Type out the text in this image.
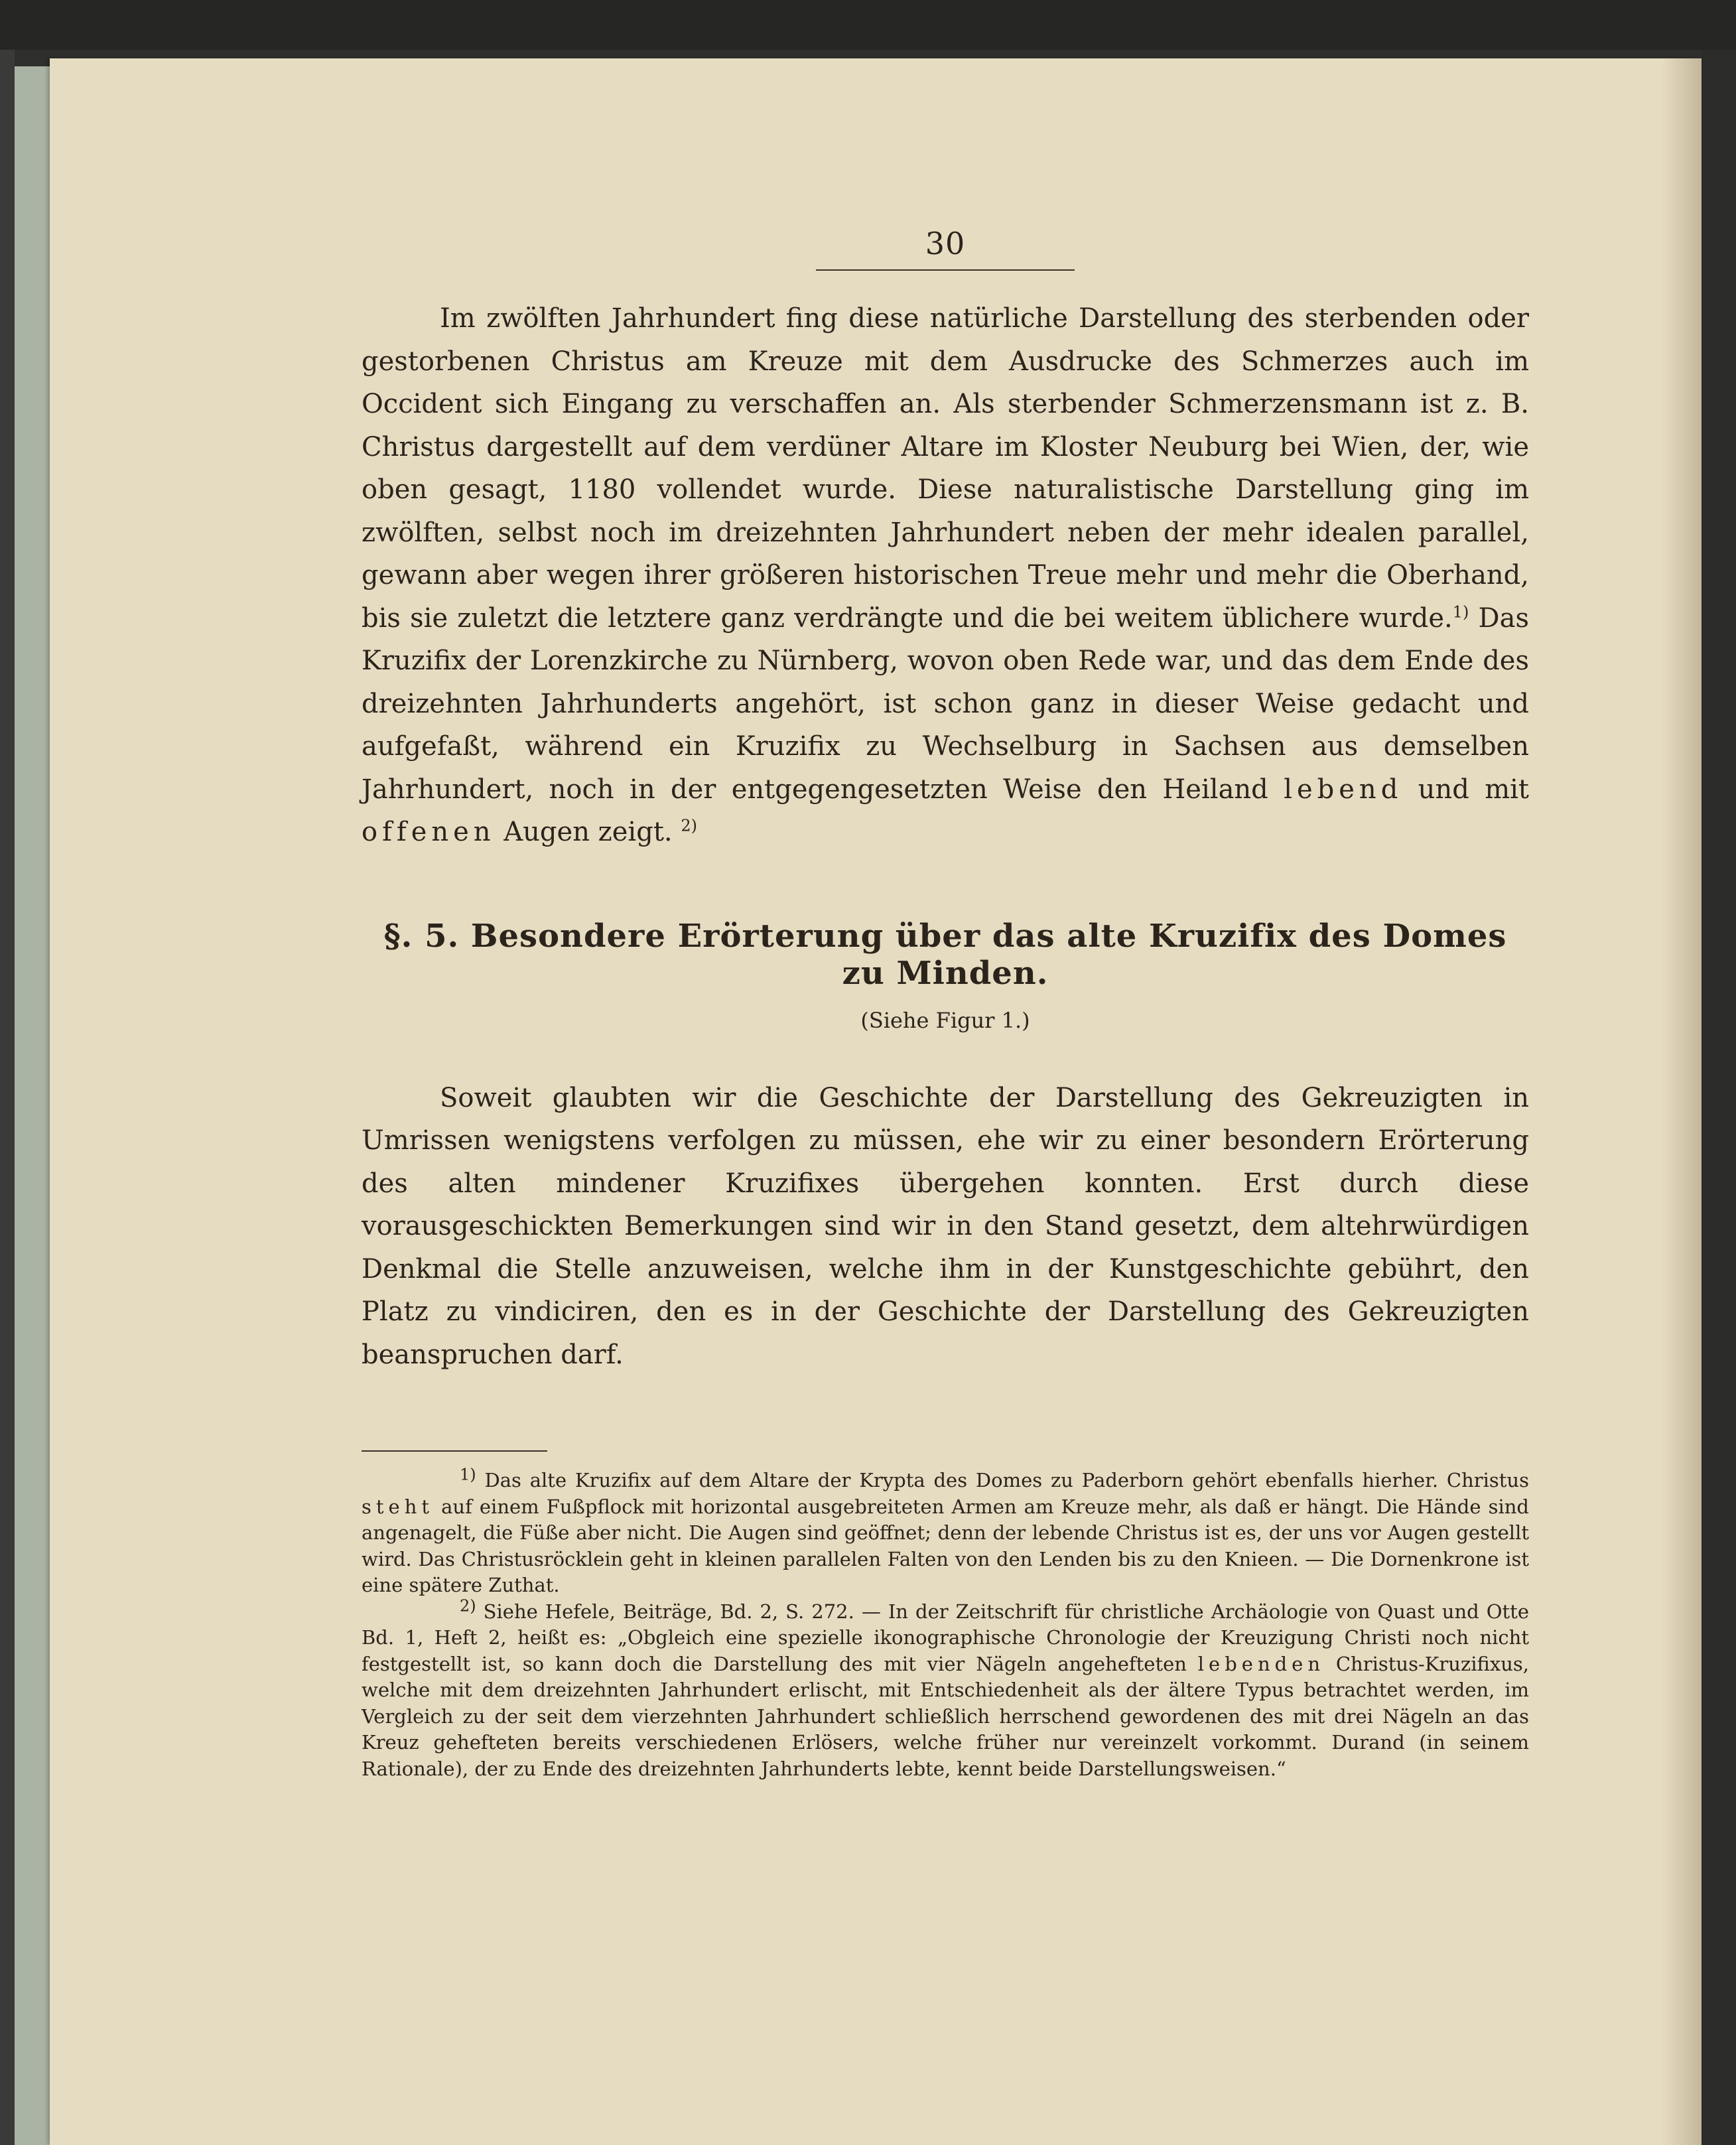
30

Im zwölften Jahrhundert fing diese natürliche Darstellung des sterbenden oder gestorbenen Christus am Kreuze mit dem Ausdrucke des Schmerzes auch im Occident sich Eingang zu verschaffen an. Als sterbender Schmerzensmann ist z. B. Christus dargestellt auf dem verdüner Altare im Kloster Neuburg bei Wien, der, wie oben gesagt, 1180 vollendet wurde. Diese naturalistische Darstellung ging im zwölften, selbst noch im dreizehnten Jahrhundert neben der mehr idealen parallel, gewann aber wegen ihrer größeren historischen Treue mehr und mehr die Oberhand, bis sie zuletzt die letztere ganz verdrängte und die bei weitem üblichere wurde.$^{1)}$ Das Kruzifix der Lorenzkirche zu Nürnberg, wovon oben Rede war, und das dem Ende des dreizehnten Jahrhunderts angehört, ist schon ganz in dieser Weise gedacht und aufgefaßt, während ein Kruzifix zu Wechselburg in Sachsen aus demselben Jahrhundert, noch in der entgegengesetzten Weise den Heiland lebend und mit offenen Augen zeigt. $^{2)}$

§. 5. Besondere Erörterung über das alte Kruzifix des Domes zu Minden.
(Siehe Figur 1.)

Soweit glaubten wir die Geschichte der Darstellung des Gekreuzigten in Umrissen wenigstens verfolgen zu müssen, ehe wir zu einer besondern Erörterung des alten mindener Kruzifixes übergehen konnten. Erst durch diese vorausgeschickten Bemerkungen sind wir in den Stand gesetzt, dem altehrwürdigen Denkmal die Stelle anzuweisen, welche ihm in der Kunstgeschichte gebührt, den Platz zu vindiciren, den es in der Geschichte der Darstellung des Gekreuzigten beanspruchen darf.

$^{1)}$ Das alte Kruzifix auf dem Altare der Krypta des Domes zu Paderborn gehört ebenfalls hierher. Christus steht auf einem Fußpflock mit horizontal ausgebreiteten Armen am Kreuze mehr, als daß er hängt. Die Hände sind angenagelt, die Füße aber nicht. Die Augen sind geöffnet; denn der lebende Christus ist es, der uns vor Augen gestellt wird. Das Christusröcklein geht in kleinen parallelen Falten von den Lenden bis zu den Knieen. — Die Dornenkrone ist eine spätere Zuthat.

$^{2)}$ Siehe Hefele, Beiträge, Bd. 2, S. 272. — In der Zeitschrift für christliche Archäologie von Quast und Otte Bd. 1, Heft 2, heißt es: „Obgleich eine spezielle ikonographische Chronologie der Kreuzigung Christi noch nicht festgestellt ist, so kann doch die Darstellung des mit vier Nägeln angehefteten lebenden Christus-Kruzifixus, welche mit dem dreizehnten Jahrhundert erlischt, mit Entschiedenheit als der ältere Typus betrachtet werden, im Vergleich zu der seit dem vierzehnten Jahrhundert schließlich herrschend gewordenen des mit drei Nägeln an das Kreuz gehefteten bereits verschiedenen Erlösers, welche früher nur vereinzelt vorkommt. Durand (in seinem Rationale), der zu Ende des dreizehnten Jahrhunderts lebte, kennt beide Darstellungsweisen.“
